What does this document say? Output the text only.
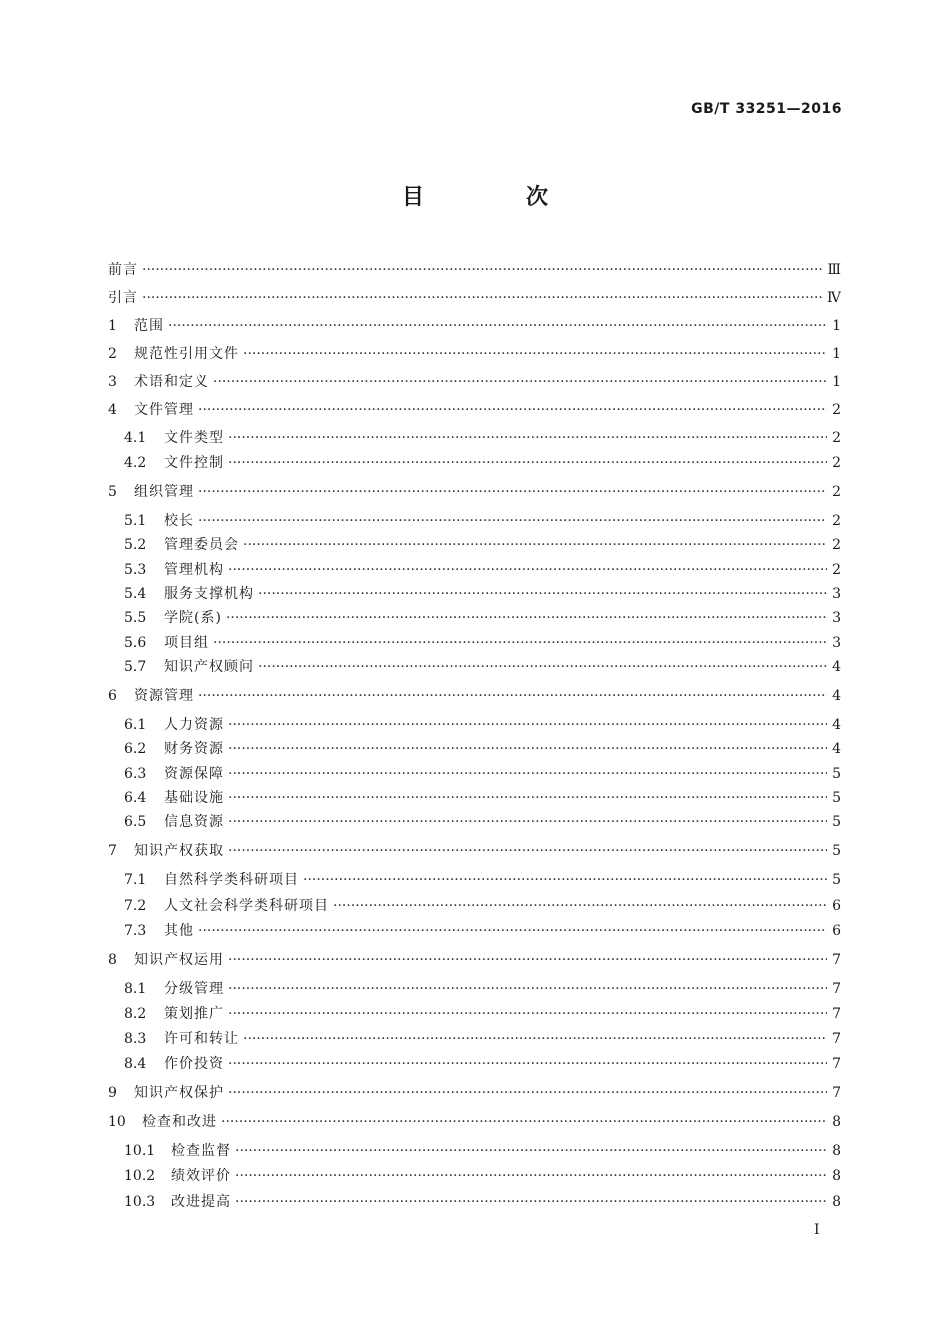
GB/T 33251—2016
目　次
前言 ·····	Ⅲ
引言 ·····	Ⅳ
1	范围 ·····	1
2	规范性引用文件 ·····	1
3	术语和定义 ·····	1
4	文件管理 ·····	2
4.1	文件类型 ·····	2
4.2	文件控制 ·····	2
5	组织管理 ·····	2
5.1	校长 ·····	2
5.2	管理委员会 ·····	2
5.3	管理机构 ·····	2
5.4	服务支撑机构 ·····	3
5.5	学院(系) ·····	3
5.6	项目组 ·····	3
5.7	知识产权顾问 ·····	4
6	资源管理 ·····	4
6.1	人力资源 ·····	4
6.2	财务资源 ·····	4
6.3	资源保障 ·····	5
6.4	基础设施 ·····	5
6.5	信息资源 ·····	5
7	知识产权获取 ·····	5
7.1	自然科学类科研项目 ·····	5
7.2	人文社会科学类科研项目 ·····	6
7.3	其他 ·····	6
8	知识产权运用 ·····	7
8.1	分级管理 ·····	7
8.2	策划推广 ·····	7
8.3	许可和转让 ·····	7
8.4	作价投资 ·····	7
9	知识产权保护 ·····	7
10	检查和改进 ·····	8
10.1	检查监督 ·····	8
10.2	绩效评价 ·····	8
10.3	改进提高 ·····	8
I
